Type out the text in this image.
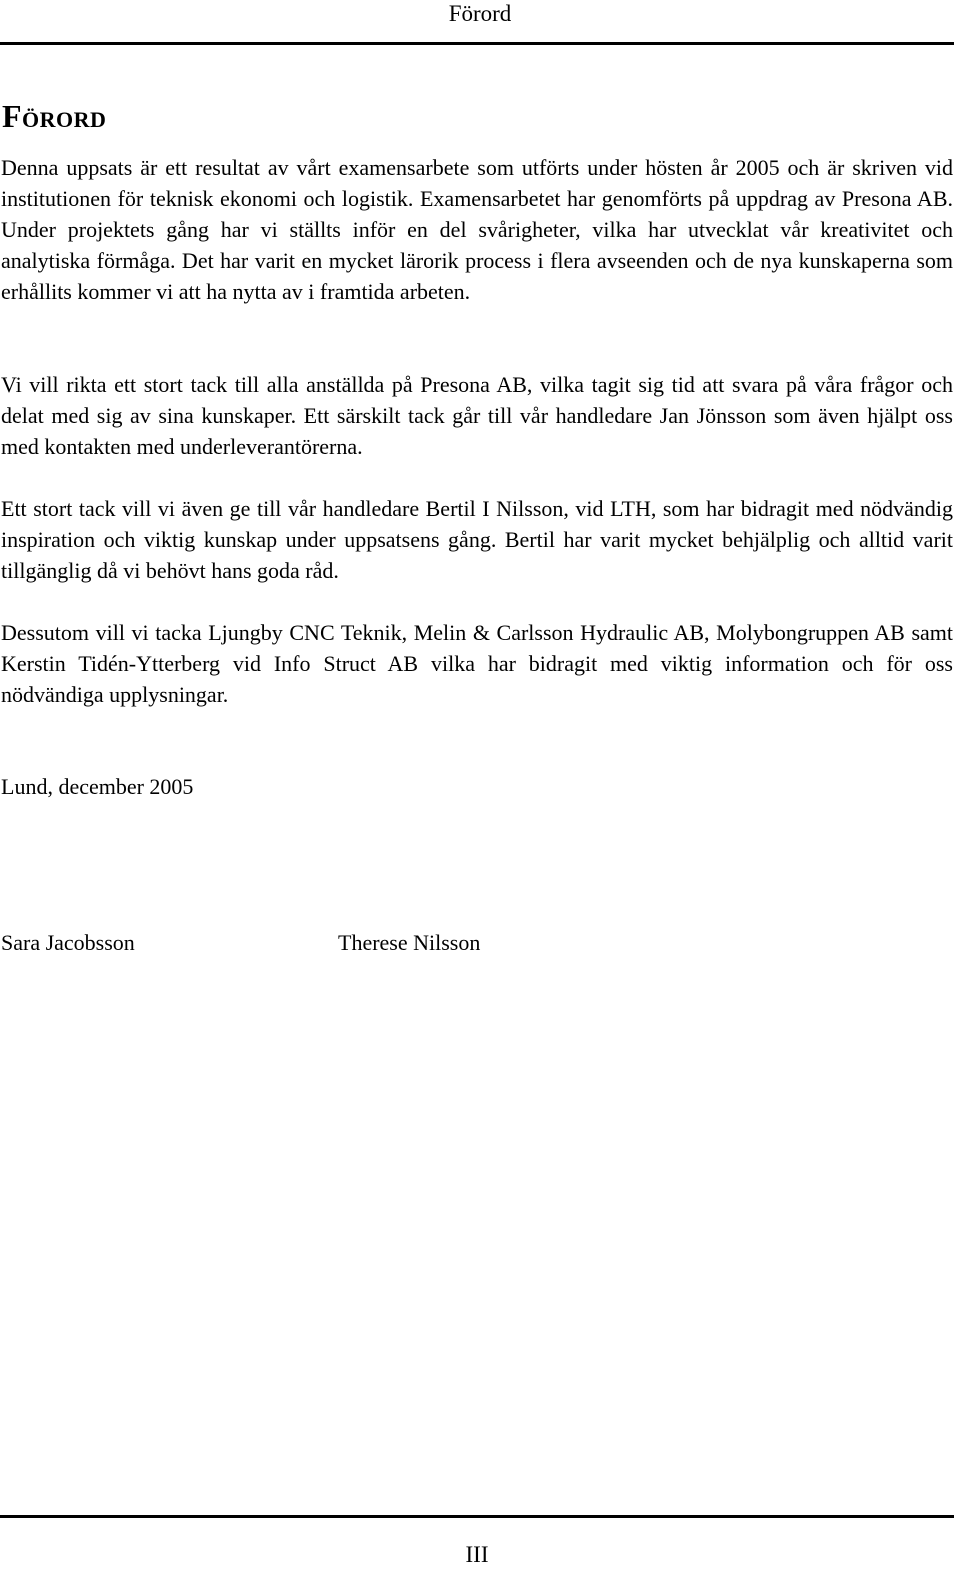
Förord
Förord

Denna uppsats är ett resultat av vårt examensarbete som utförts under hösten år 2005 och är skriven vid institutionen för teknisk ekonomi och logistik. Examensarbetet har genomförts på uppdrag av Presona AB. Under projektets gång har vi ställts inför en del svårigheter, vilka har utvecklat vår kreativitet och analytiska förmåga. Det har varit en mycket lärorik process i flera avseenden och de nya kunskaperna som erhållits kommer vi att ha nytta av i framtida arbeten.

Vi vill rikta ett stort tack till alla anställda på Presona AB, vilka tagit sig tid att svara på våra frågor och delat med sig av sina kunskaper. Ett särskilt tack går till vår handledare Jan Jönsson som även hjälpt oss med kontakten med underleverantörerna.

Ett stort tack vill vi även ge till vår handledare Bertil I Nilsson, vid LTH, som har bidragit med nödvändig inspiration och viktig kunskap under uppsatsens gång. Bertil har varit mycket behjälplig och alltid varit tillgänglig då vi behövt hans goda råd.

Dessutom vill vi tacka Ljungby CNC Teknik, Melin & Carlsson Hydraulic AB, Molybongruppen AB samt Kerstin Tidén-Ytterberg vid Info Struct AB vilka har bidragit med viktig information och för oss nödvändiga upplysningar.

Lund, december 2005
Sara Jacobsson	Therese Nilsson
III
